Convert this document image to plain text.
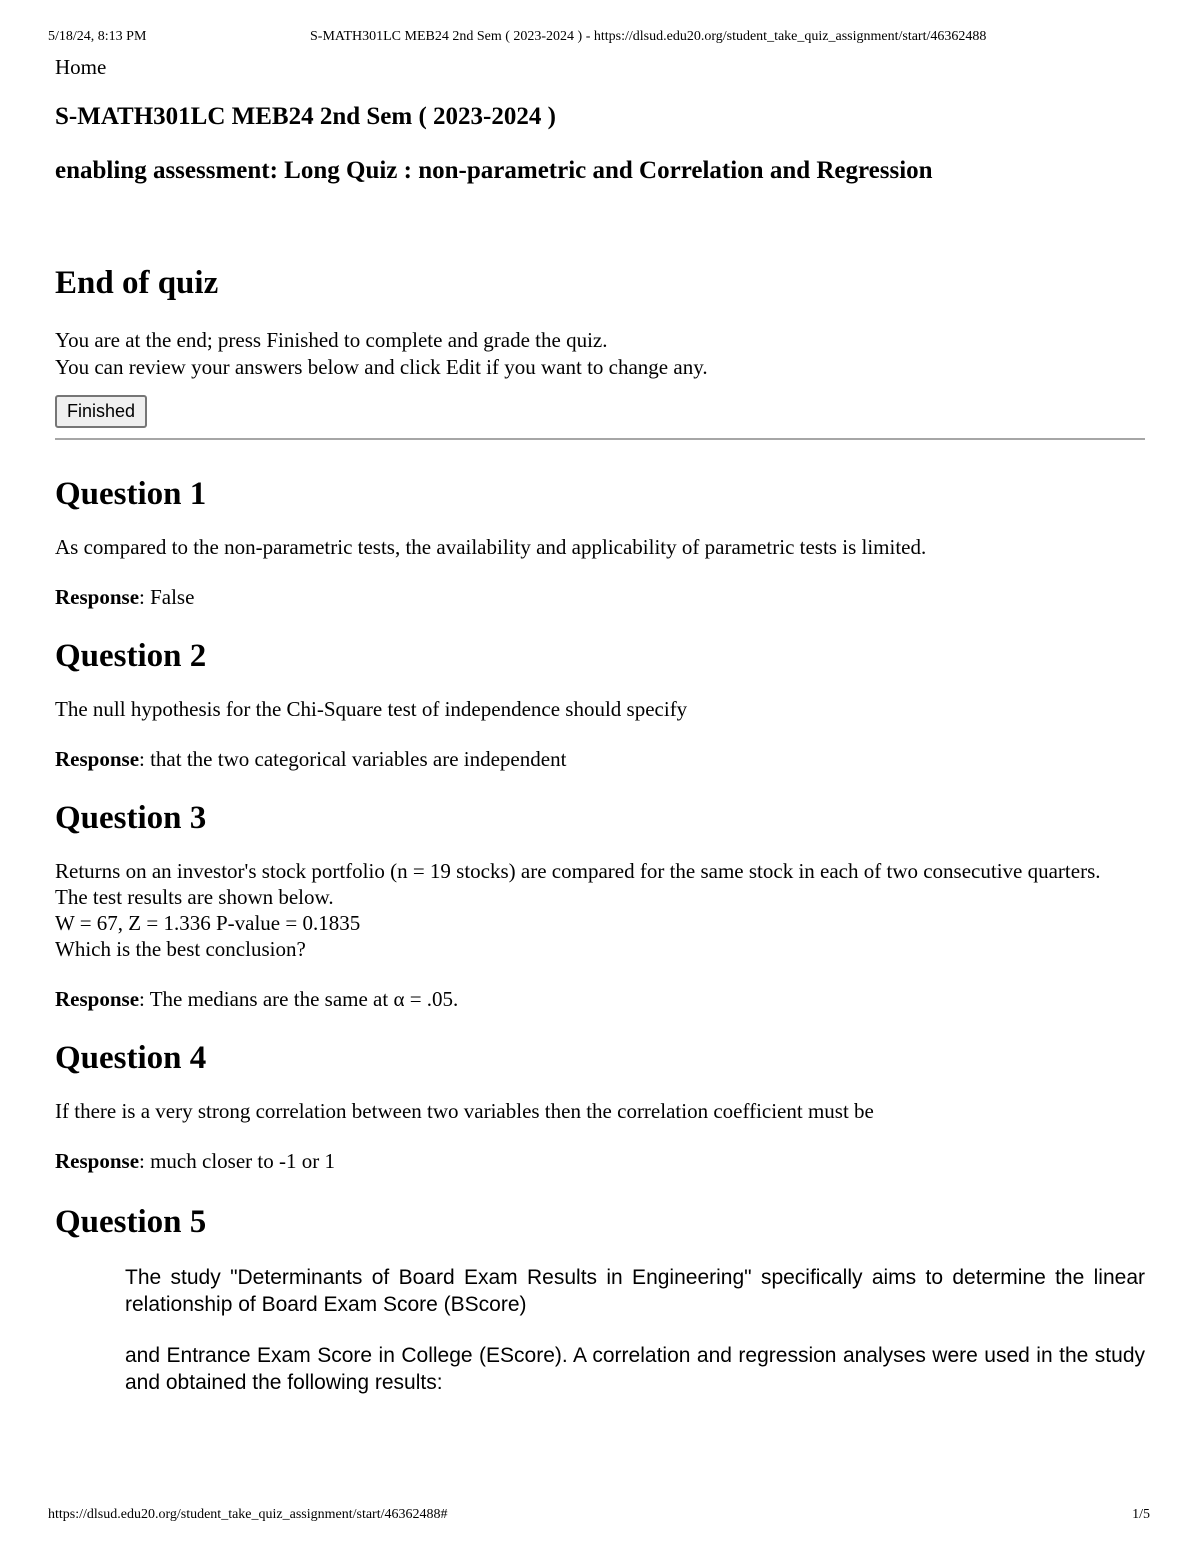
5/18/24, 8:13 PM	S-MATH301LC MEB24 2nd Sem ( 2023-2024 ) - https://dlsud.edu20.org/student_take_quiz_assignment/start/46362488
Home
S-MATH301LC MEB24 2nd Sem ( 2023-2024 )
enabling assessment: Long Quiz : non-parametric and Correlation and Regression
End of quiz
You are at the end; press Finished to complete and grade the quiz.
You can review your answers below and click Edit if you want to change any.
Finished
Question 1
As compared to the non-parametric tests, the availability and applicability of parametric tests is limited.
Response: False
Question 2
The null hypothesis for the Chi-Square test of independence should specify
Response: that the two categorical variables are independent
Question 3
Returns on an investor's stock portfolio (n = 19 stocks) are compared for the same stock in each of two consecutive quarters.
The test results are shown below.
W = 67, Z = 1.336 P-value = 0.1835
Which is the best conclusion?
Response: The medians are the same at α = .05.
Question 4
If there is a very strong correlation between two variables then the correlation coefficient must be
Response: much closer to -1 or 1
Question 5

The study "Determinants of Board Exam Results in Engineering" specifically aims to determine the linear relationship of Board Exam Score (BScore)

and Entrance Exam Score in College (EScore). A correlation and regression analyses were used in the study and obtained the following results:

https://dlsud.edu20.org/student_take_quiz_assignment/start/46362488#	1/5
